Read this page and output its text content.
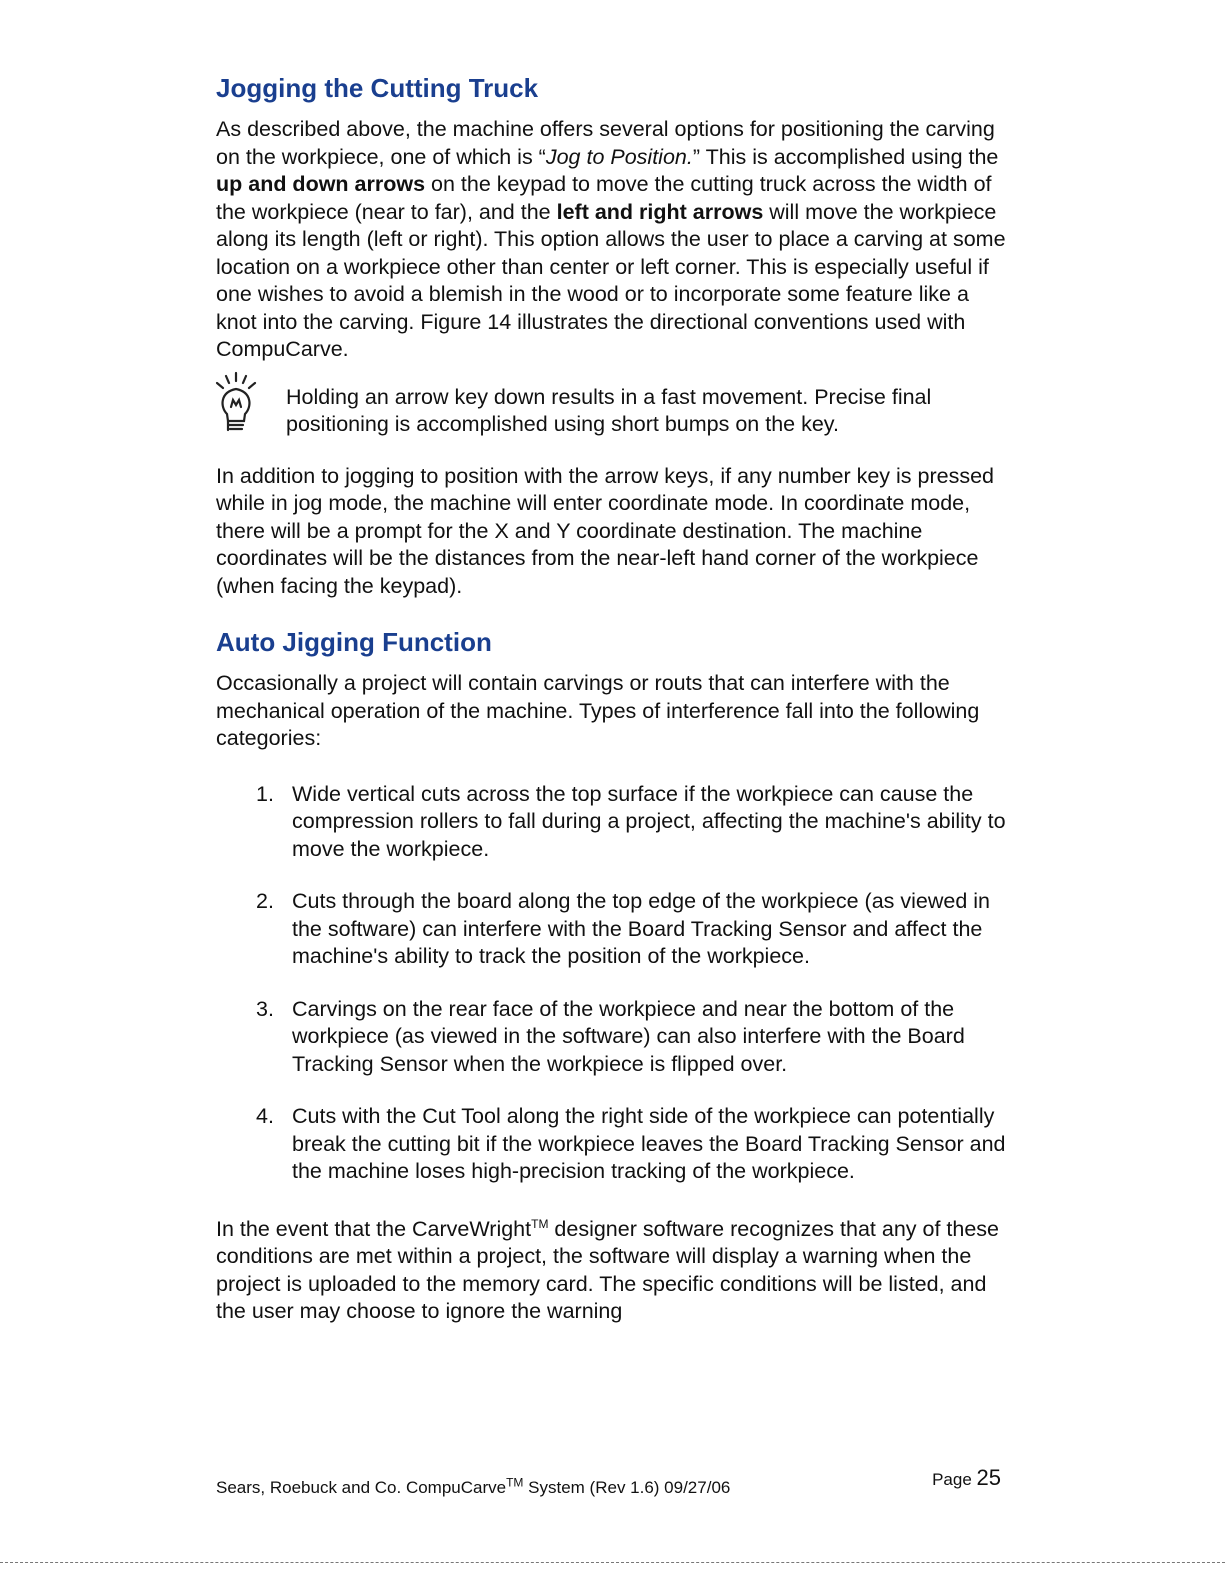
Jogging the Cutting Truck

As described above, the machine offers several options for positioning the carving on the workpiece, one of which is “Jog to Position.” This is accomplished using the up and down arrows on the keypad to move the cutting truck across the width of the workpiece (near to far), and the left and right arrows will move the workpiece along its length (left or right). This option allows the user to place a carving at some location on a workpiece other than center or left corner. This is especially useful if one wishes to avoid a blemish in the wood or to incorporate some feature like a knot into the carving. Figure 14 illustrates the directional conventions used with CompuCarve.

Holding an arrow key down results in a fast movement. Precise final positioning is accomplished using short bumps on the key.

In addition to jogging to position with the arrow keys, if any number key is pressed while in jog mode, the machine will enter coordinate mode. In coordinate mode, there will be a prompt for the X and Y coordinate destination. The machine coordinates will be the distances from the near-left hand corner of the workpiece (when facing the keypad).

Auto Jigging Function

Occasionally a project will contain carvings or routs that can interfere with the mechanical operation of the machine. Types of interference fall into the following categories:

1. Wide vertical cuts across the top surface if the workpiece can cause the compression rollers to fall during a project, affecting the machine's ability to move the workpiece.
2. Cuts through the board along the top edge of the workpiece (as viewed in the software) can interfere with the Board Tracking Sensor and affect the machine's ability to track the position of the workpiece.
3. Carvings on the rear face of the workpiece and near the bottom of the workpiece (as viewed in the software) can also interfere with the Board Tracking Sensor when the workpiece is flipped over.
4. Cuts with the Cut Tool along the right side of the workpiece can potentially break the cutting bit if the workpiece leaves the Board Tracking Sensor and the machine loses high-precision tracking of the workpiece.

In the event that the CarveWright™ designer software recognizes that any of these conditions are met within a project, the software will display a warning when the project is uploaded to the memory card. The specific conditions will be listed, and the user may choose to ignore the warning

Sears, Roebuck and Co. CompuCarve™ System (Rev 1.6) 09/27/06	Page 25
